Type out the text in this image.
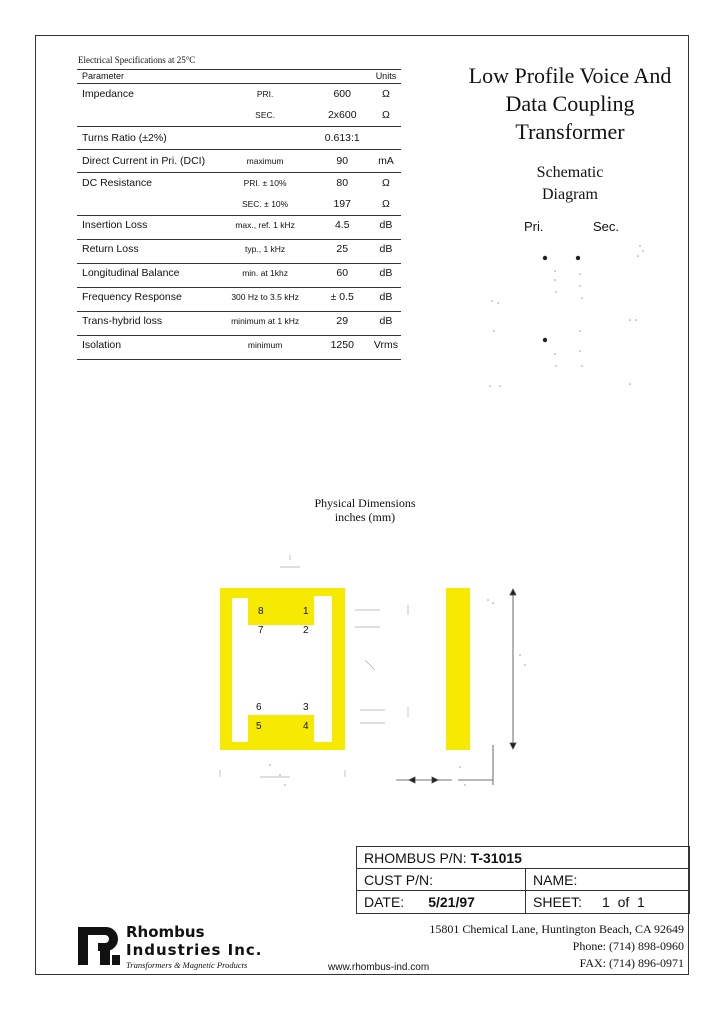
Electrical Specifications at 25°C
Parameter			Units
Impedance	PRI.	600	Ω
	SEC.	2x600	Ω
Turns Ratio (±2%)		0.613:1	
Direct Current in Pri. (DCI)	maximum	90	mA
DC Resistance	PRI. ± 10%	80	Ω
	SEC. ± 10%	197	Ω
Insertion Loss	max., ref. 1 kHz	4.5	dB
Return Loss	typ., 1 kHz	25	dB
Longitudinal Balance	min. at 1khz	60	dB
Frequency Response	300 Hz to 3.5 kHz	± 0.5	dB
Trans-hybrid loss	minimum at 1 kHz	29	dB
Isolation	minimum	1250	Vrms
Low Profile Voice And
Data Coupling
Transformer
Schematic
Diagram
Pri.	Sec.
Physical Dimensions
inches (mm)
8	1
7	2
6	3
5	4
RHOMBUS P/N:
T-31015
CUST P/N:	NAME:
DATE: 5/21/97	SHEET: 1  of  1
Rhombus
Industries Inc.
Transformers & Magnetic Products
15801 Chemical Lane, Huntington Beach, CA 92649
Phone: (714) 898-0960
FAX: (714) 896-0971
www.rhombus-ind.com
